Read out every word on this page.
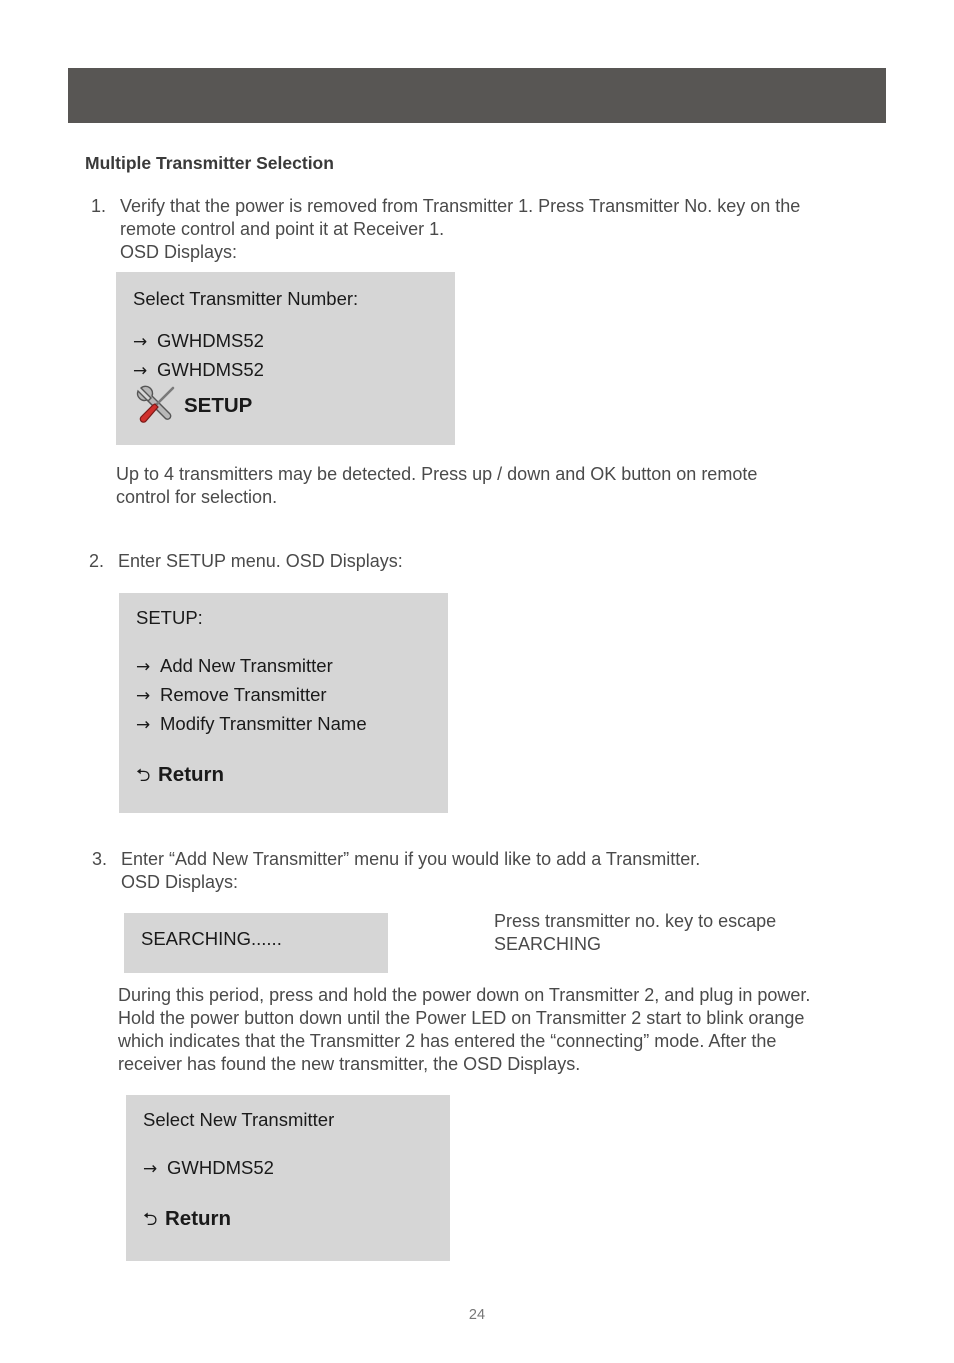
Multiple Transmitter Selection
1. Verify that the power is removed from Transmitter 1. Press Transmitter No. key on the
remote control and point it at Receiver 1.
OSD Displays:
Select Transmitter Number:
→ GWHDMS52
→ GWHDMS52
SETUP
Up to 4 transmitters may be detected. Press up / down and OK button on remote
control for selection.
2. Enter SETUP menu. OSD Displays:
SETUP:
→ Add New Transmitter
→ Remove Transmitter
→ Modify Transmitter Name
⮌ Return
3. Enter “Add New Transmitter” menu if you would like to add a Transmitter.
OSD Displays:
SEARCHING......
Press transmitter no. key to escape
SEARCHING
During this period, press and hold the power down on Transmitter 2, and plug in power.
Hold the power button down until the Power LED on Transmitter 2 start to blink orange
which indicates that the Transmitter 2 has entered the “connecting” mode. After the
receiver has found the new transmitter, the OSD Displays.
Select New Transmitter
→ GWHDMS52
⮌ Return
24
